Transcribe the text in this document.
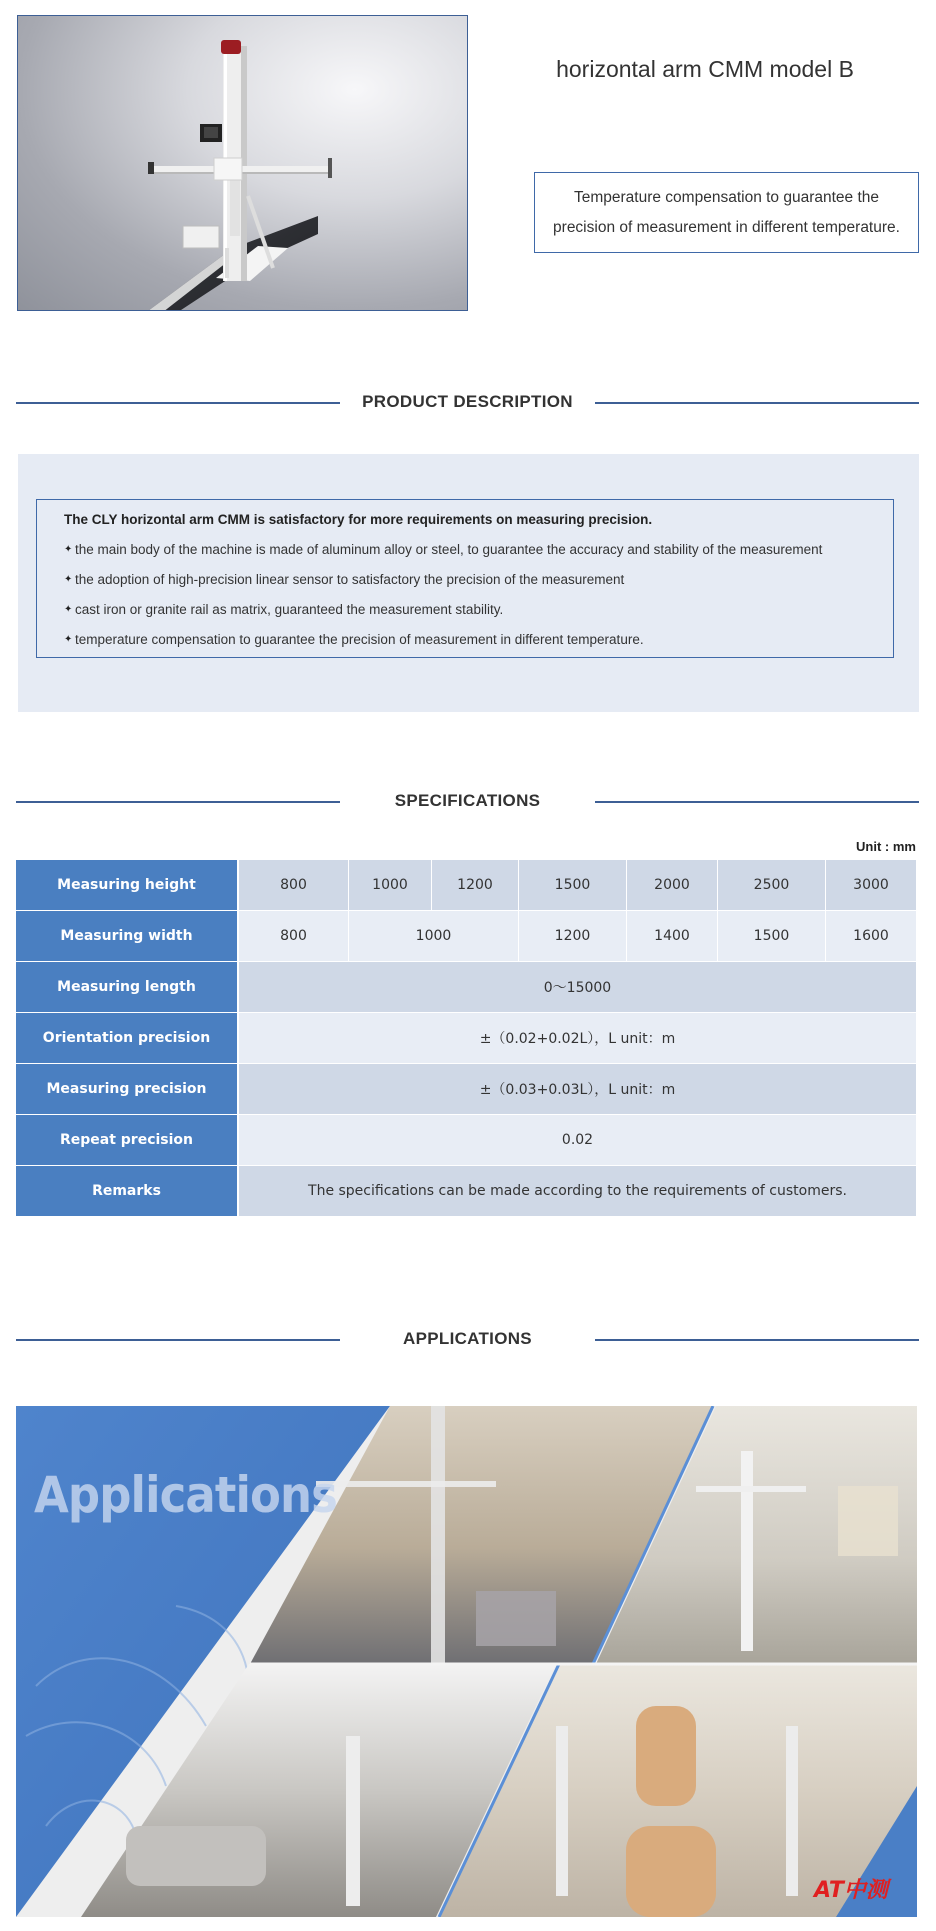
horizontal arm CMM model B
Temperature compensation to guarantee the precision of measurement in different temperature.
PRODUCT DESCRIPTION

The CLY horizontal arm CMM is satisfactory for more requirements on measuring precision.

✦ the main body of the machine is made of aluminum alloy or steel, to guarantee the accuracy and stability of the measurement
✦ the adoption of high-precision linear sensor to satisfactory the precision of the measurement
✦ cast iron or granite rail as matrix, guaranteed the measurement stability.
✦ temperature compensation to guarantee the precision of measurement in different temperature.
SPECIFICATIONS
Unit : mm
Measuring height	800	1000	1200	1500	2000	2500	3000
Measuring width	800	1000		1200	1400	1500	1600
Measuring length	0～15000						
Orientation precision	±（0.02+0.02L），L unit：m						
Measuring precision	±（0.03+0.03L），L unit：m						
Repeat precision	0.02						
Remarks	The specifications can be made according to the requirements of customers.						
APPLICATIONS
Applications
AT中测
